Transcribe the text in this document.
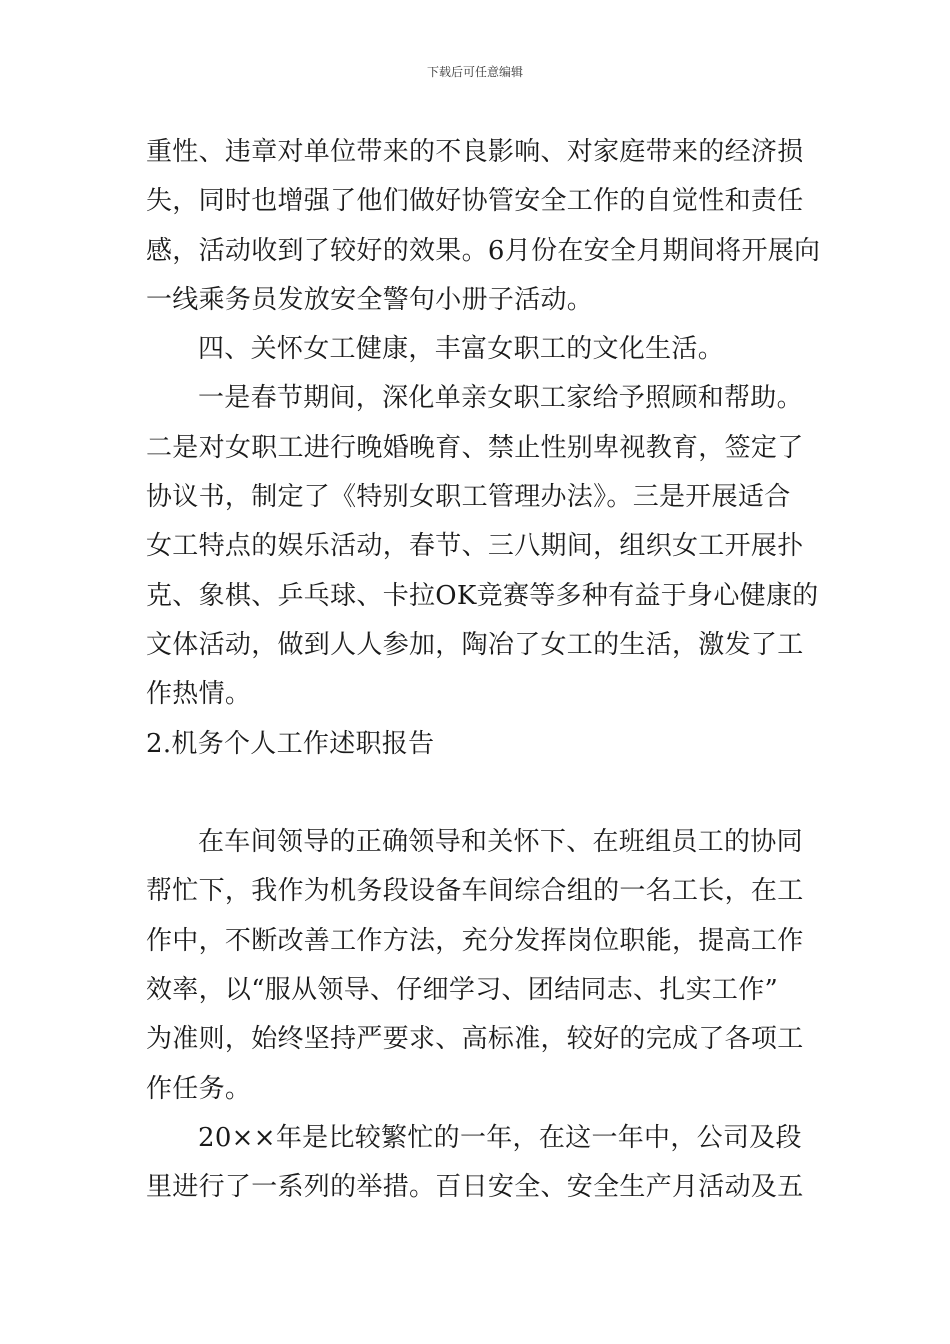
下载后可任意编辑
重性、违章对单位带来的不良影响、对家庭带来的经济损
失，同时也增强了他们做好协管安全工作的自觉性和责任
感，活动收到了较好的效果。6月份在安全月期间将开展向
一线乘务员发放安全警句小册子活动。
四、关怀女工健康，丰富女职工的文化生活。
一是春节期间，深化单亲女职工家给予照顾和帮助。
二是对女职工进行晚婚晚育、禁止性别卑视教育，签定了
协议书，制定了《特别女职工管理办法》。三是开展适合
女工特点的娱乐活动，春节、三八期间，组织女工开展扑
克、象棋、乒乓球、卡拉OK竞赛等多种有益于身心健康的
文体活动，做到人人参加，陶冶了女工的生活，激发了工
作热情。
2.机务个人工作述职报告
在车间领导的正确领导和关怀下、在班组员工的协同
帮忙下，我作为机务段设备车间综合组的一名工长，在工
作中，不断改善工作方法，充分发挥岗位职能，提高工作
效率，以“服从领导、仔细学习、团结同志、扎实工作”
为准则，始终坚持严要求、高标准，较好的完成了各项工
作任务。
20××年是比较繁忙的一年，在这一年中，公司及段
里进行了一系列的举措。百日安全、安全生产月活动及五
